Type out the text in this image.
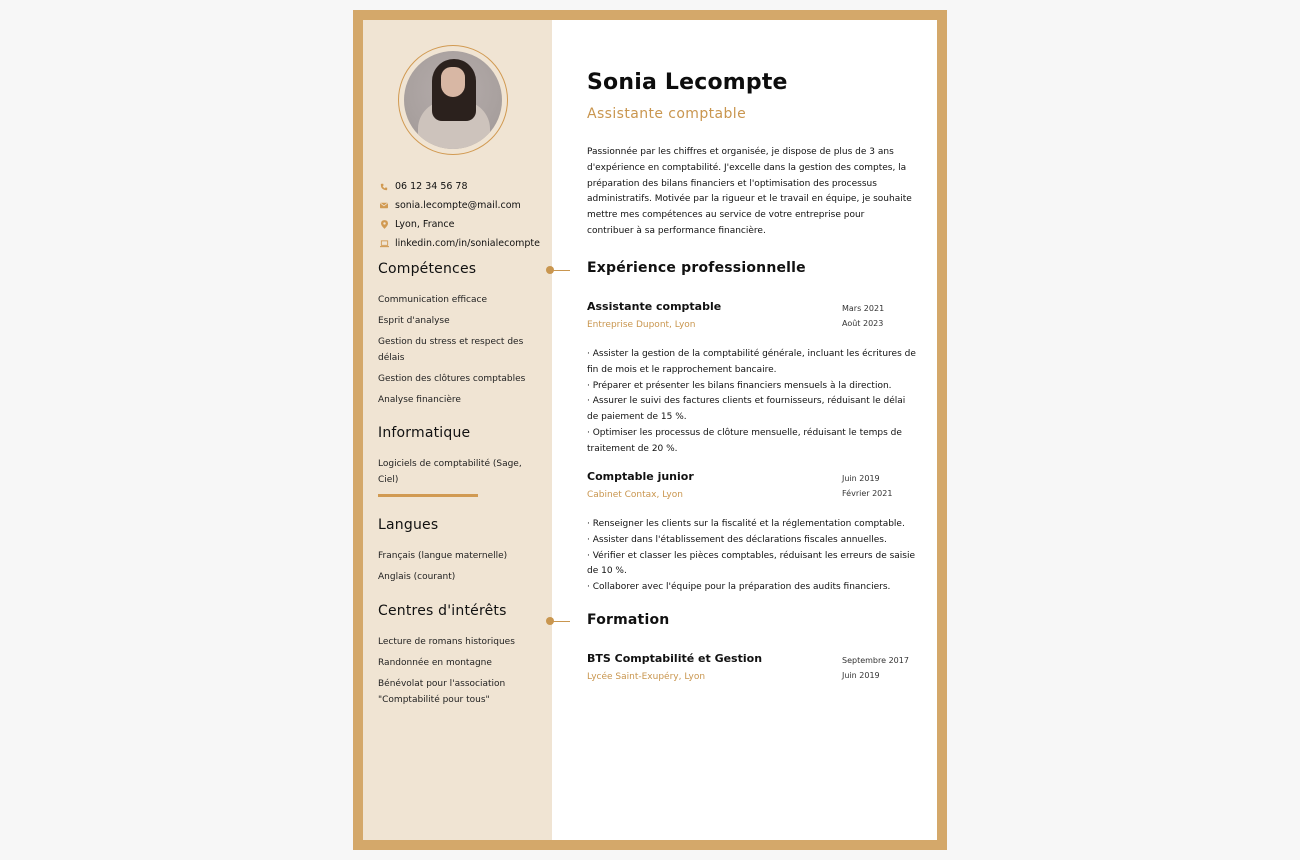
06 12 34 56 78
sonia.lecompte@mail.com
Lyon, France
linkedin.com/in/sonialecompte
Compétences
Communication efficace
Esprit d'analyse
Gestion du stress et respect des délais
Gestion des clôtures comptables
Analyse financière
Informatique
Logiciels de comptabilité (Sage, Ciel)
Langues
Français (langue maternelle)
Anglais (courant)
Centres d'intérêts
Lecture de romans historiques
Randonnée en montagne
Bénévolat pour l'association "Comptabilité pour tous"
Sonia Lecompte
Assistante comptable

Passionnée par les chiffres et organisée, je dispose de plus de 3 ans d'expérience en comptabilité. J'excelle dans la gestion des comptes, la préparation des bilans financiers et l'optimisation des processus administratifs. Motivée par la rigueur et le travail en équipe, je souhaite mettre mes compétences au service de votre entreprise pour contribuer à sa performance financière.

Expérience professionnelle
Assistante comptable
Entreprise Dupont, Lyon
Mars 2021
Août 2023
· Assister la gestion de la comptabilité générale, incluant les écritures de fin de mois et le rapprochement bancaire.
· Préparer et présenter les bilans financiers mensuels à la direction.
· Assurer le suivi des factures clients et fournisseurs, réduisant le délai de paiement de 15 %.
· Optimiser les processus de clôture mensuelle, réduisant le temps de traitement de 20 %.
Comptable junior
Cabinet Contax, Lyon
Juin 2019
Février 2021
· Renseigner les clients sur la fiscalité et la réglementation comptable.
· Assister dans l'établissement des déclarations fiscales annuelles.
· Vérifier et classer les pièces comptables, réduisant les erreurs de saisie de 10 %.
· Collaborer avec l'équipe pour la préparation des audits financiers.
Formation
BTS Comptabilité et Gestion
Lycée Saint-Exupéry, Lyon
Septembre 2017
Juin 2019
